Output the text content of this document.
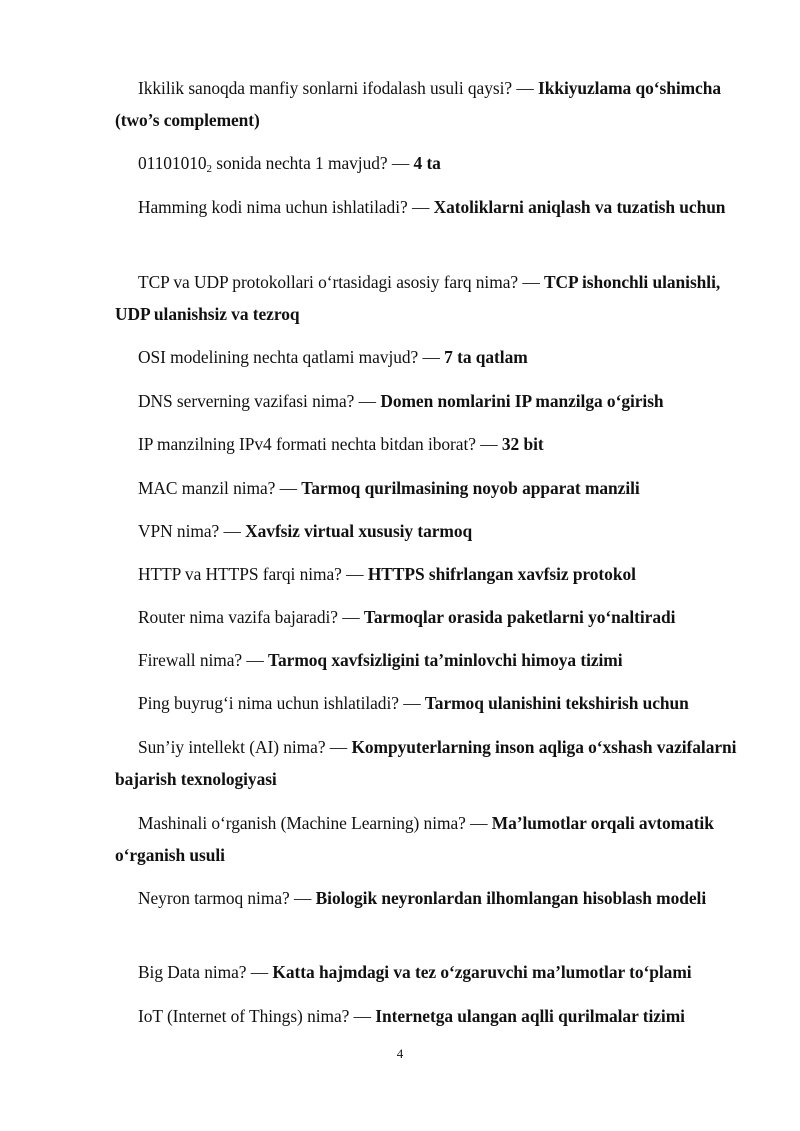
Ikkilik sanoqda manfiy sonlarni ifodalash usuli qaysi? — Ikkiyuzlama qo‘shimcha (two’s complement)

$01101010_2$ sonida nechta 1 mavjud? — 4 ta

Hamming kodi nima uchun ishlatiladi? — Xatoliklarni aniqlash va tuzatish uchun

TCP va UDP protokollari o‘rtasidagi asosiy farq nima? — TCP ishonchli ulanishli, UDP ulanishsiz va tezroq

OSI modelining nechta qatlami mavjud? — 7 ta qatlam

DNS serverning vazifasi nima? — Domen nomlarini IP manzilga o‘girish

IP manzilning IPv4 formati nechta bitdan iborat? — 32 bit

MAC manzil nima? — Tarmoq qurilmasining noyob apparat manzili

VPN nima? — Xavfsiz virtual xususiy tarmoq

HTTP va HTTPS farqi nima? — HTTPS shifrlangan xavfsiz protokol

Router nima vazifa bajaradi? — Tarmoqlar orasida paketlarni yo‘naltiradi

Firewall nima? — Tarmoq xavfsizligini ta’minlovchi himoya tizimi

Ping buyrug‘i nima uchun ishlatiladi? — Tarmoq ulanishini tekshirish uchun

Sun’iy intellekt (AI) nima? — Kompyuterlarning inson aqliga o‘xshash vazifalarni bajarish texnologiyasi

Mashinali o‘rganish (Machine Learning) nima? — Ma’lumotlar orqali avtomatik o‘rganish usuli

Neyron tarmoq nima? — Biologik neyronlardan ilhomlangan hisoblash modeli

Big Data nima? — Katta hajmdagi va tez o‘zgaruvchi ma’lumotlar to‘plami

IoT (Internet of Things) nima? — Internetga ulangan aqlli qurilmalar tizimi

4
